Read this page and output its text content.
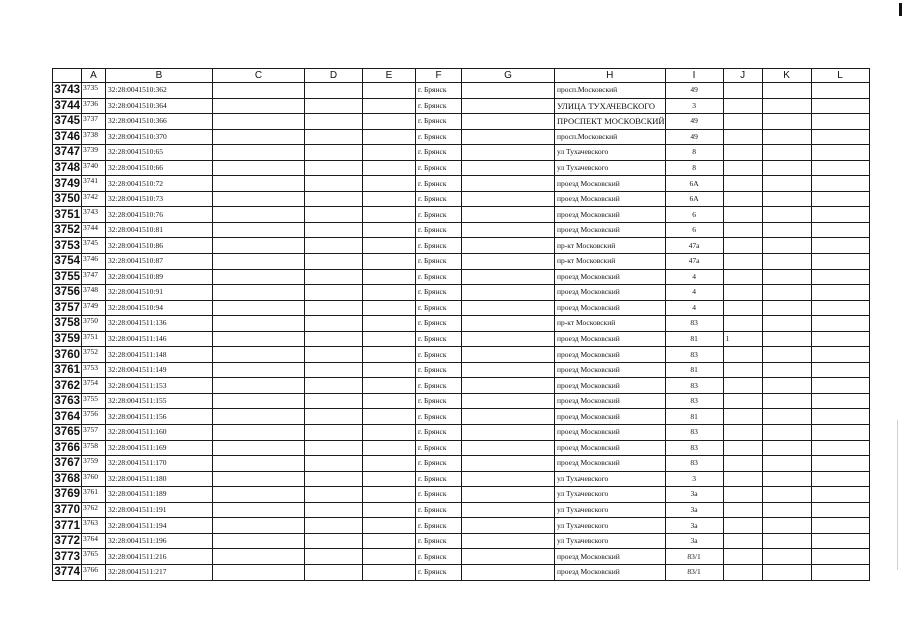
	A	B	C	D	E	F	G	H	I	J	K	L
3743	3735	32:28:0041510:362				г. Брянск		просп.Московский	49			
3744	3736	32:28:0041510:364				г. Брянск		УЛИЦА ТУХАЧЕВСКОГО	3			
3745	3737	32:28:0041510:366				г. Брянск		ПРОСПЕКТ МОСКОВСКИЙ	49			
3746	3738	32:28:0041510:370				г. Брянск		просп.Московский	49			
3747	3739	32:28:0041510:65				г. Брянск		ул Тухачевского	8			
3748	3740	32:28:0041510:66				г. Брянск		ул Тухачевского	8			
3749	3741	32:28:0041510:72				г. Брянск		проезд Московский	6А			
3750	3742	32:28:0041510:73				г. Брянск		проезд Московский	6А			
3751	3743	32:28:0041510:76				г. Брянск		проезд Московский	6			
3752	3744	32:28:0041510:81				г. Брянск		проезд Московский	6			
3753	3745	32:28:0041510:86				г. Брянск		пр-кт Московский	47а			
3754	3746	32:28:0041510:87				г. Брянск		пр-кт Московский	47а			
3755	3747	32:28:0041510:89				г. Брянск		проезд Московский	4			
3756	3748	32:28:0041510:91				г. Брянск		проезд Московский	4			
3757	3749	32:28:0041510:94				г. Брянск		проезд Московский	4			
3758	3750	32:28:0041511:136				г. Брянск		пр-кт Московский	83			
3759	3751	32:28:0041511:146				г. Брянск		проезд Московский	81	1		
3760	3752	32:28:0041511:148				г. Брянск		проезд Московский	83			
3761	3753	32:28:0041511:149				г. Брянск		проезд Московский	81			
3762	3754	32:28:0041511:153				г. Брянск		проезд Московский	83			
3763	3755	32:28:0041511:155				г. Брянск		проезд Московский	83			
3764	3756	32:28:0041511:156				г. Брянск		проезд Московский	81			
3765	3757	32:28:0041511:160				г. Брянск		проезд Московский	83			
3766	3758	32:28:0041511:169				г. Брянск		проезд Московский	83			
3767	3759	32:28:0041511:170				г. Брянск		проезд Московский	83			
3768	3760	32:28:0041511:180				г. Брянск		ул Тухачевского	3			
3769	3761	32:28:0041511:189				г. Брянск		ул Тухачевского	3а			
3770	3762	32:28:0041511:191				г. Брянск		ул Тухачевского	3а			
3771	3763	32:28:0041511:194				г. Брянск		ул Тухачевского	3а			
3772	3764	32:28:0041511:196				г. Брянск		ул Тухачевского	3а			
3773	3765	32:28:0041511:216				г. Брянск		проезд Московский	83/1			
3774	3766	32:28:0041511:217				г. Брянск		проезд Московский	83/1			
